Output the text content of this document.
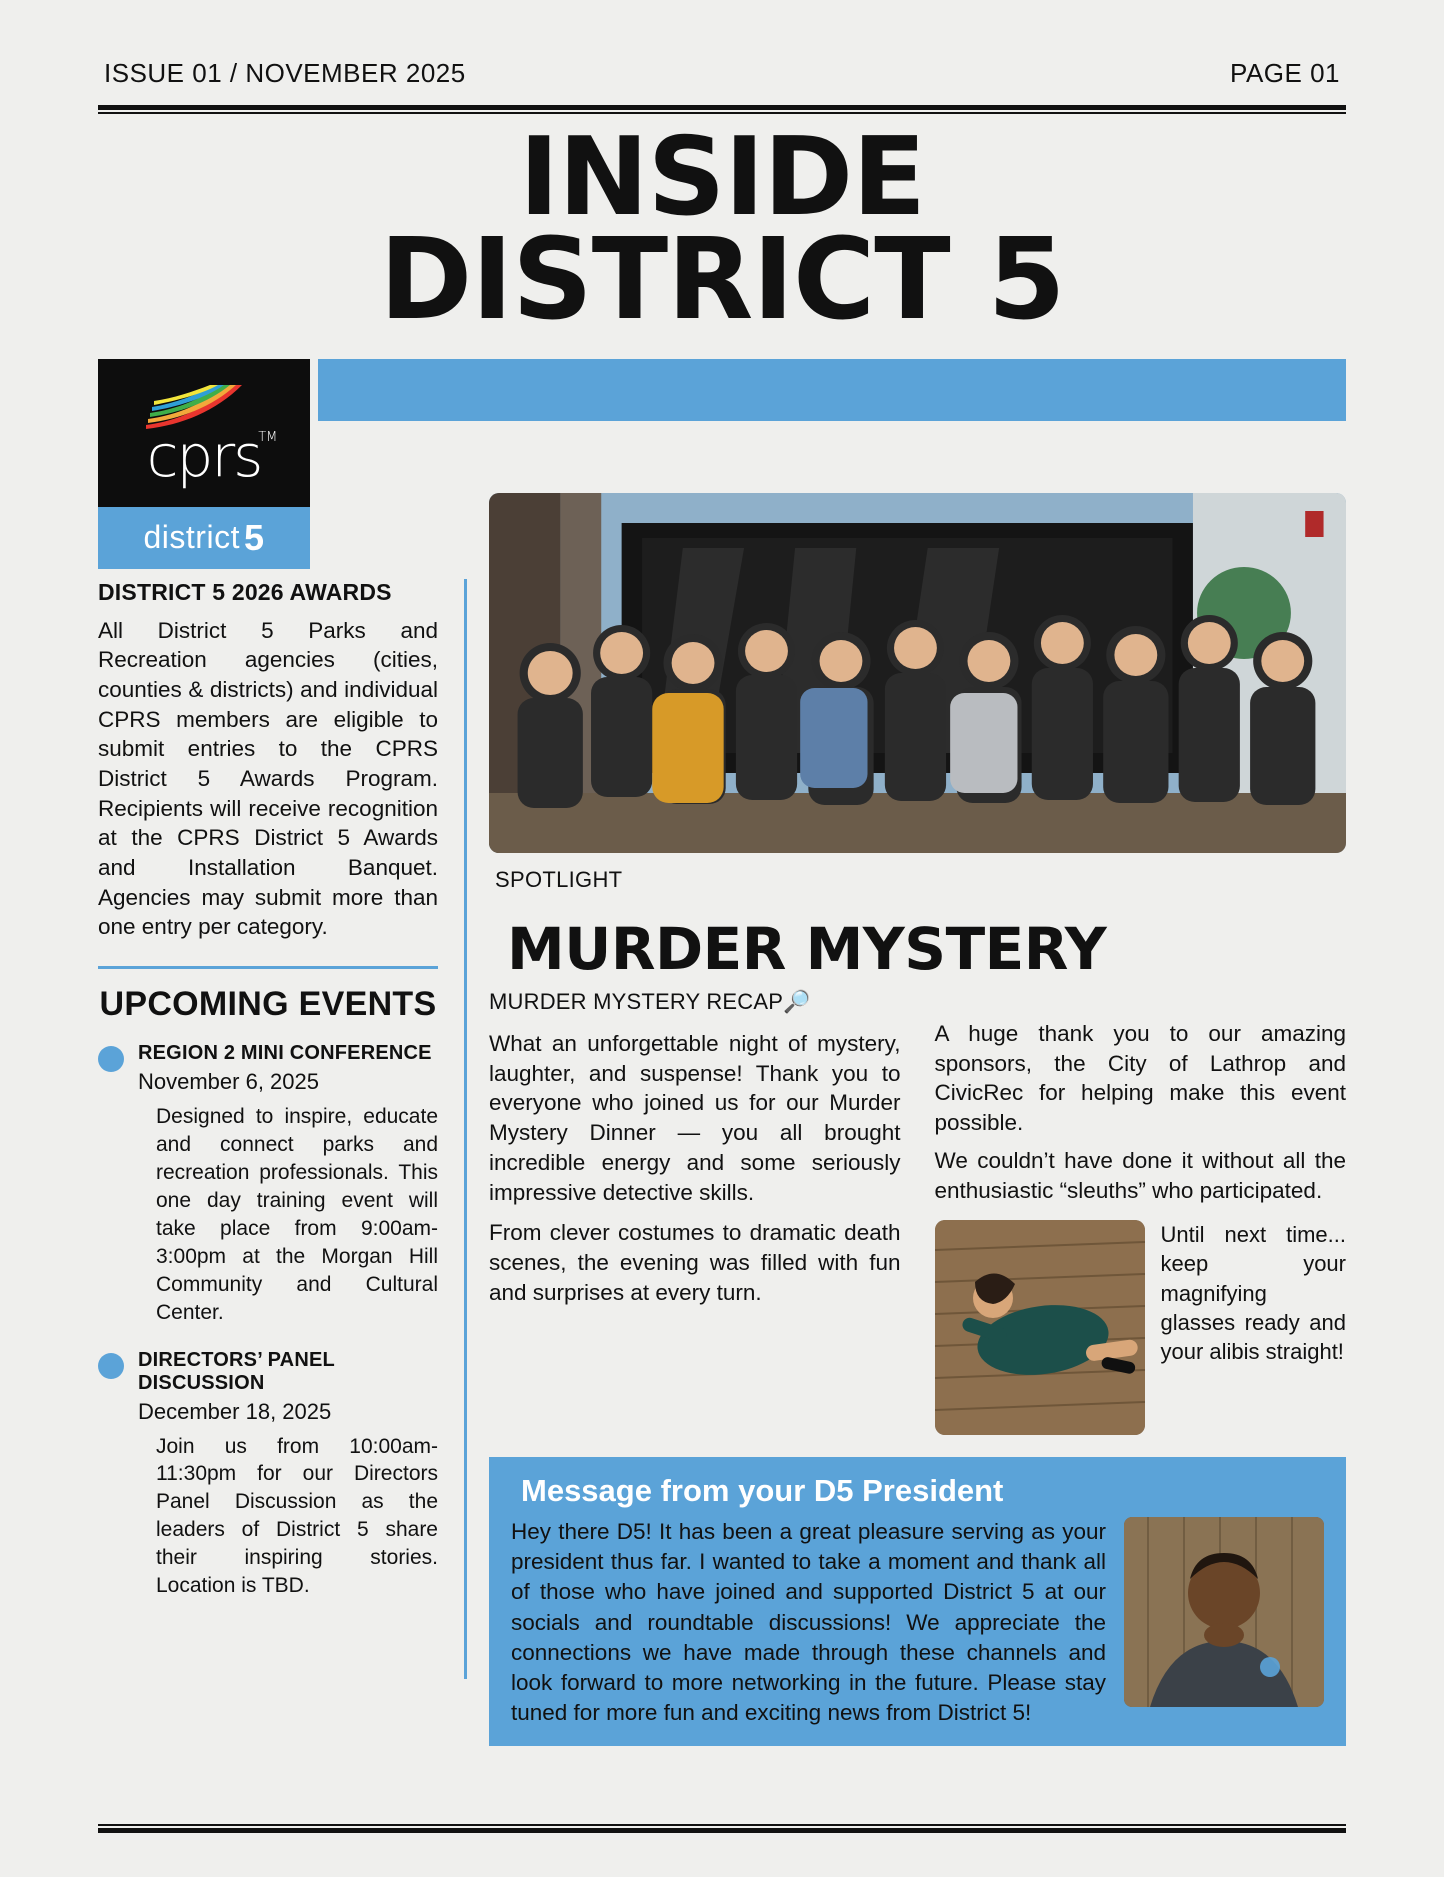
ISSUE 01 / NOVEMBER 2025	PAGE 01
INSIDE
DISTRICT 5
cprs
TM
district 5
DISTRICT 5 2026 AWARDS

All District 5 Parks and Recreation agencies (cities, counties & districts) and individual CPRS members are eligible to submit entries to the CPRS District 5 Awards Program. Recipients will receive recognition at the CPRS District 5 Awards and Installation Banquet. Agencies may submit more than one entry per category.

UPCOMING EVENTS
REGION 2 MINI CONFERENCE
November 6, 2025
Designed to inspire, educate and connect parks and recreation professionals. This one day training event will take place from 9:00am-3:00pm at the Morgan Hill Community and Cultural Center.
DIRECTORS’ PANEL DISCUSSION
December 18, 2025
Join us from 10:00am-11:30pm for our Directors Panel Discussion as the leaders of District 5 share their inspiring stories. Location is TBD.
SPOTLIGHT
MURDER MYSTERY
MURDER MYSTERY RECAP🔎

What an unforgettable night of mystery, laughter, and suspense! Thank you to everyone who joined us for our Murder Mystery Dinner — you all brought incredible energy and some seriously impressive detective skills.

From clever costumes to dramatic death scenes, the evening was filled with fun and surprises at every turn.

A huge thank you to our amazing sponsors, the City of Lathrop and CivicRec for helping make this event possible.

We couldn’t have done it without all the enthusiastic “sleuths” who participated.

Until next time... keep your magnifying glasses ready and your alibis straight!

Message from your D5 President
Hey there D5! It has been a great pleasure serving as your president thus far. I wanted to take a moment and thank all of those who have joined and supported District 5 at our socials and roundtable discussions! We appreciate the connections we have made through these channels and look forward to more networking in the future. Please stay tuned for more fun and exciting news from District 5!
